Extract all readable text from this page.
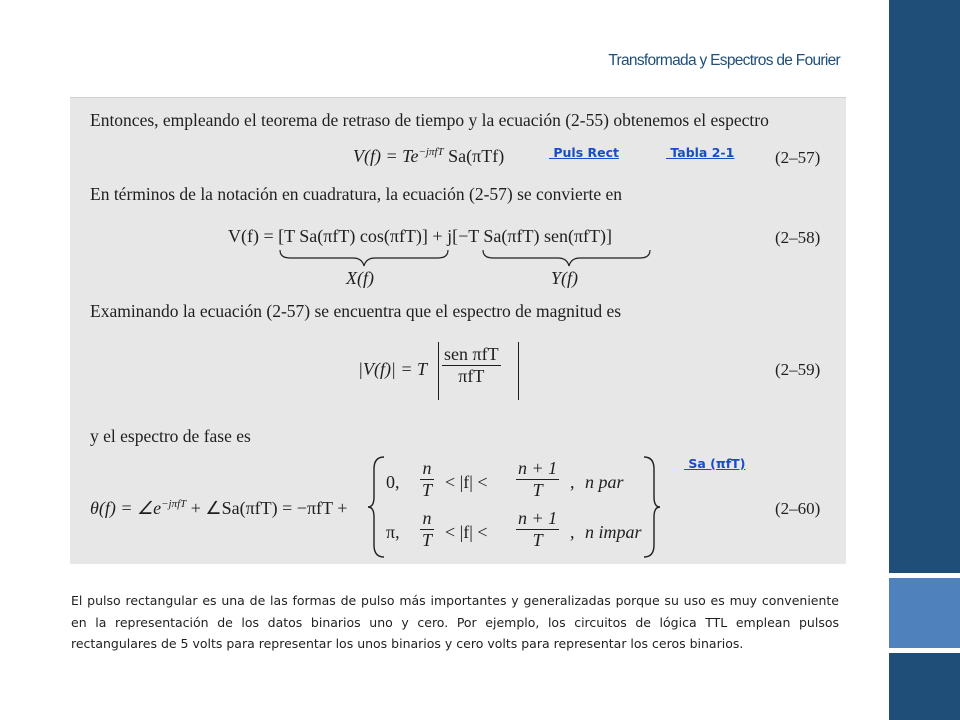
Transformada y Espectros de Fourier
Entonces, empleando el teorema de retraso de tiempo y la ecuación (2-55) obtenemos el espectro
$V(f) = Te^{-j\pi fT}$ Sa(πTf)	Puls Rect	Tabla 2-1 (2–57)
En términos de la notación en cuadratura, la ecuación (2-57) se convierte en
V(f) = [T Sa(πfT) cos(πfT)] + j[−T Sa(πfT) sen(πfT)]
X(f)	Y(f)
(2–58)
Examinando la ecuación (2-57) se encuentra que el espectro de magnitud es
|V(f)| = T $\frac{\text{sen πfT}}{\text{πfT}}$	(2–59)
y el espectro de fase es
Sa (πfT)
$\theta(f) = \angle e^{-j\pi fT}$ + ∠Sa(πfT) = −πfT +
0, $\frac{n}{T} < |f| < \frac{n + 1}{T}$ , n par
π, $\frac{n}{T} < |f| < \frac{n + 1}{T}$ , n impar
(2–60)
El pulso rectangular es una de las formas de pulso más importantes y generalizadas porque su uso es muy conveniente en la representación de los datos binarios uno y cero. Por ejemplo, los circuitos de lógica TTL emplean pulsos rectangulares de 5 volts para representar los unos binarios y cero volts para representar los ceros binarios.
